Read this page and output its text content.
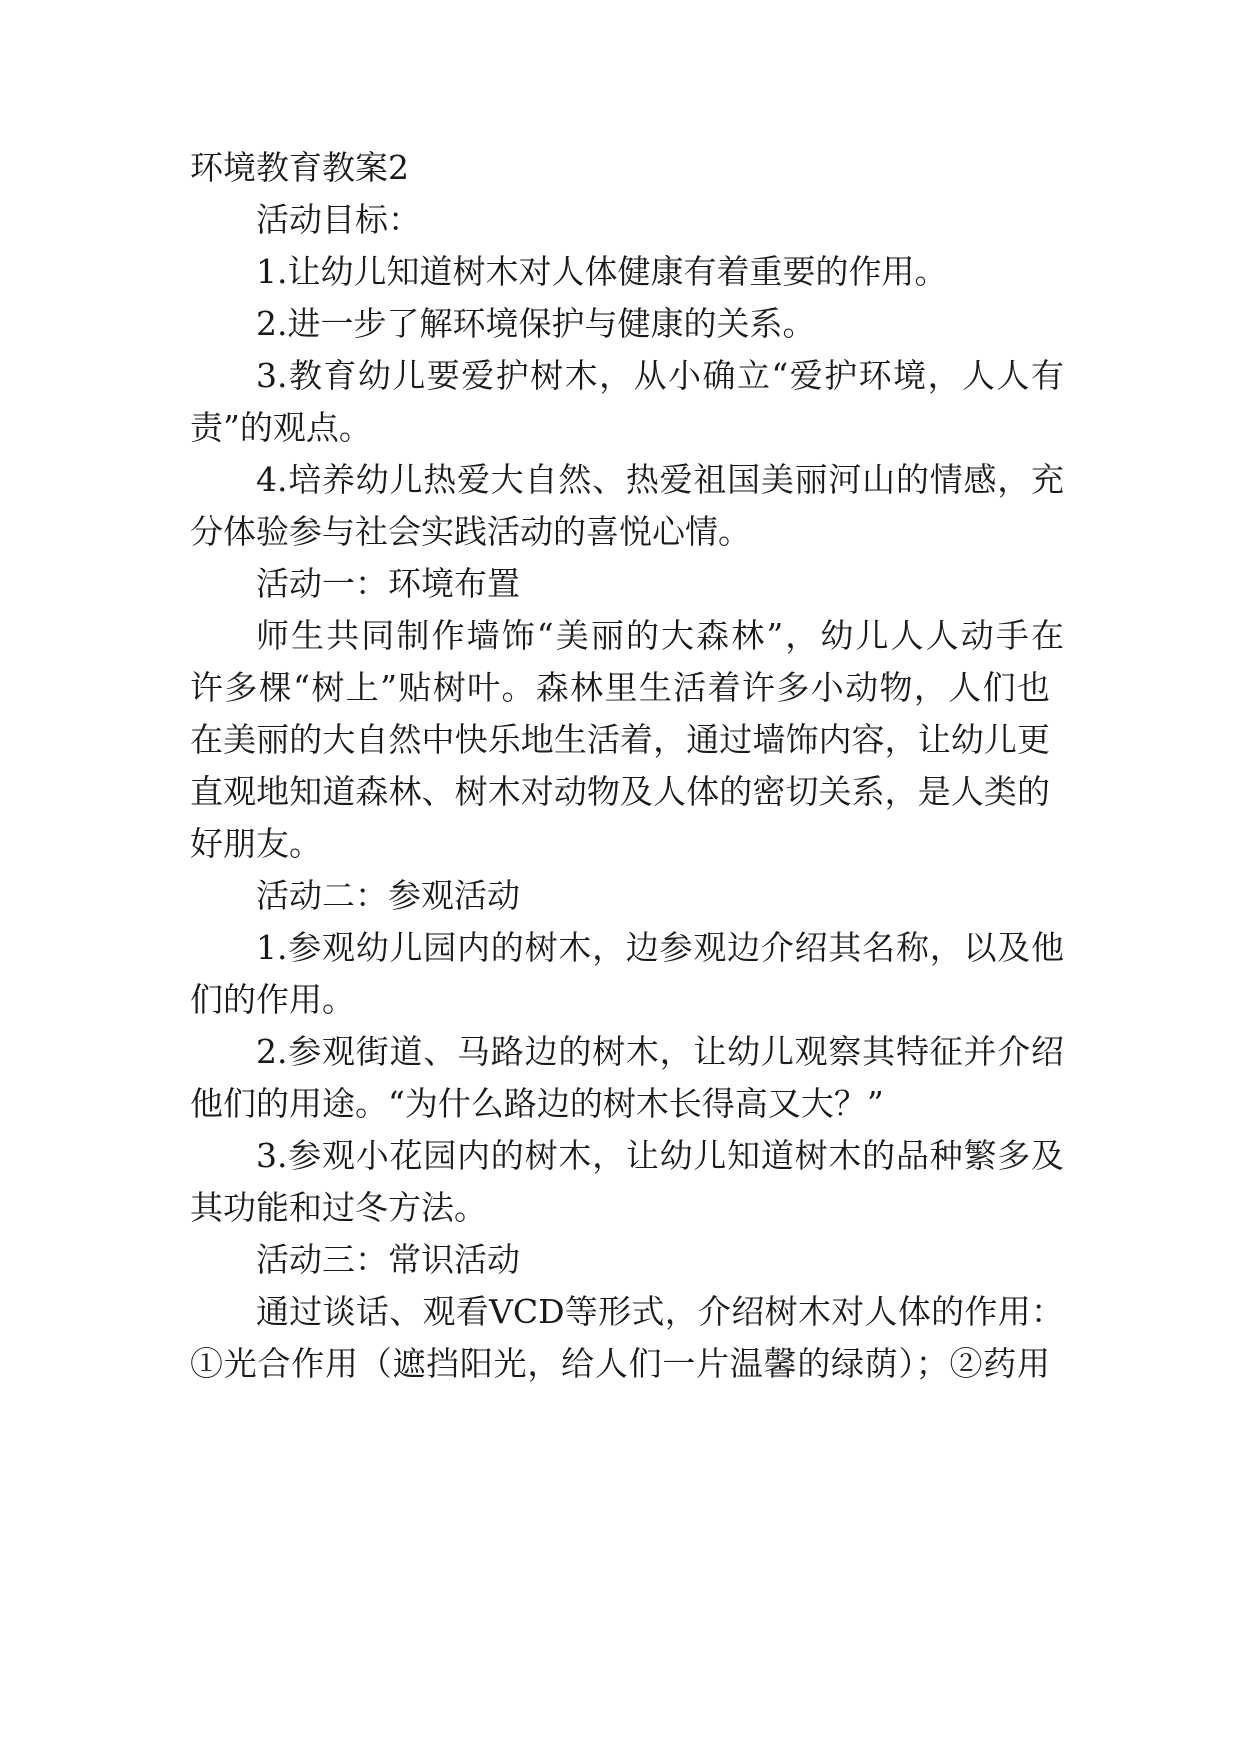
环境教育教案2
活动目标：
1.让幼儿知道树木对人体健康有着重要的作用。
2.进一步了解环境保护与健康的关系。
3.教育幼儿要爱护树木，从小确立“爱护环境，人人有
责”的观点。
4.培养幼儿热爱大自然、热爱祖国美丽河山的情感，充
分体验参与社会实践活动的喜悦心情。
活动一：环境布置
师生共同制作墙饰“美丽的大森林”，幼儿人人动手在
许多棵“树上”贴树叶。森林里生活着许多小动物，人们也
在美丽的大自然中快乐地生活着，通过墙饰内容，让幼儿更
直观地知道森林、树木对动物及人体的密切关系，是人类的
好朋友。
活动二：参观活动
1.参观幼儿园内的树木，边参观边介绍其名称，以及他
们的作用。
2.参观街道、马路边的树木，让幼儿观察其特征并介绍
他们的用途。“为什么路边的树木长得高又大？”
3.参观小花园内的树木，让幼儿知道树木的品种繁多及
其功能和过冬方法。
活动三：常识活动
通过谈话、观看VCD等形式，介绍树木对人体的作用：
①光合作用（遮挡阳光，给人们一片温馨的绿荫）；②药用
